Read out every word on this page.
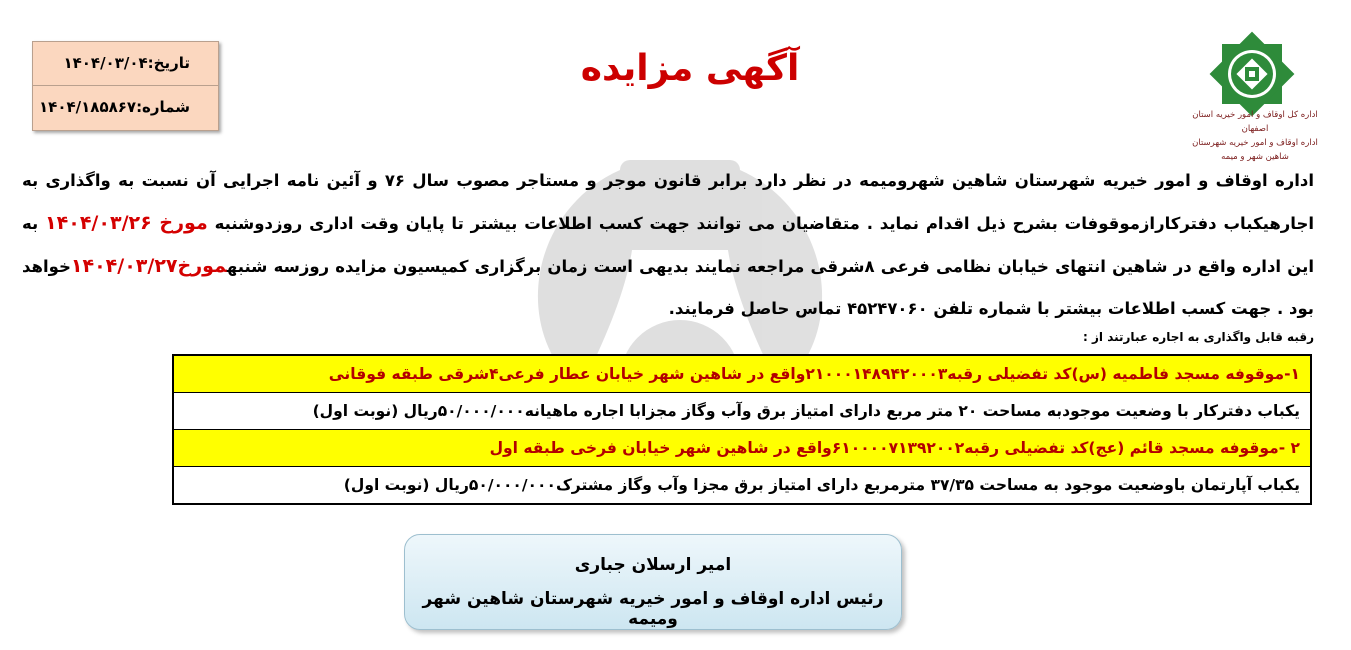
تاریخ:۱۴۰۴/۰۳/۰۴
شماره:۱۴۰۴/۱۸۵۸۶۷
آگهی مزایده
اداره کل اوقاف و امور خیریه استان اصفهان
اداره اوقاف و امور خیریه شهرستان شاهین شهر و میمه
اداره اوقاف و امور خیریه شهرستان شاهین شهرومیمه در نظر دارد برابر قانون موجر و مستاجر مصوب سال ۷۶ و آئین نامه اجرایی آن نسبت به واگذاری به اجارهیکباب دفترکارازموقوفات بشرح ذیل اقدام نماید . متقاضیان می توانند جهت کسب اطلاعات بیشتر تا پایان وقت اداری روزدوشنبه مورخ ۱۴۰۴/۰۳/۲۶ به این اداره واقع در شاهین انتهای خیابان نظامی فرعی ۸شرقی مراجعه نمایند بدیهی است زمان برگزاری کمیسیون مزایده روزسه شنبهمورخ۱۴۰۴/۰۳/۲۷خواهد بود . جهت کسب اطلاعات بیشتر با شماره تلفن ۴۵۲۴۷۰۶۰ تماس حاصل فرمایند.
رقبه قابل واگذاری به اجاره عبارتند از :
۱-موقوفه مسجد فاطمیه (س)کد تفضیلی رقبه۲۱۰۰۰۱۴۸۹۴۲۰۰۰۳واقع در شاهین شهر خیابان عطار فرعی۴شرقی طبقه فوقانی
یکباب دفترکار با وضعیت موجودبه مساحت ۲۰ متر مربع دارای امتیاز برق وآب وگاز مجزابا اجاره ماهیانه۵۰/۰۰۰/۰۰۰ریال (نوبت اول)
۲ -موقوفه مسجد قائم (عج)کد تفضیلی رقبه۶۱۰۰۰۰۷۱۳۹۲۰۰۲واقع در شاهین شهر خیابان فرخی طبقه اول
یکباب آپارتمان باوضعیت موجود به مساحت ۳۷/۳۵ مترمربع دارای امتیاز برق مجزا وآب وگاز مشترک۵۰/۰۰۰/۰۰۰ریال (نوبت اول)
امیر ارسلان جباری
رئیس اداره اوقاف و امور خیریه شهرستان شاهین شهر ومیمه
